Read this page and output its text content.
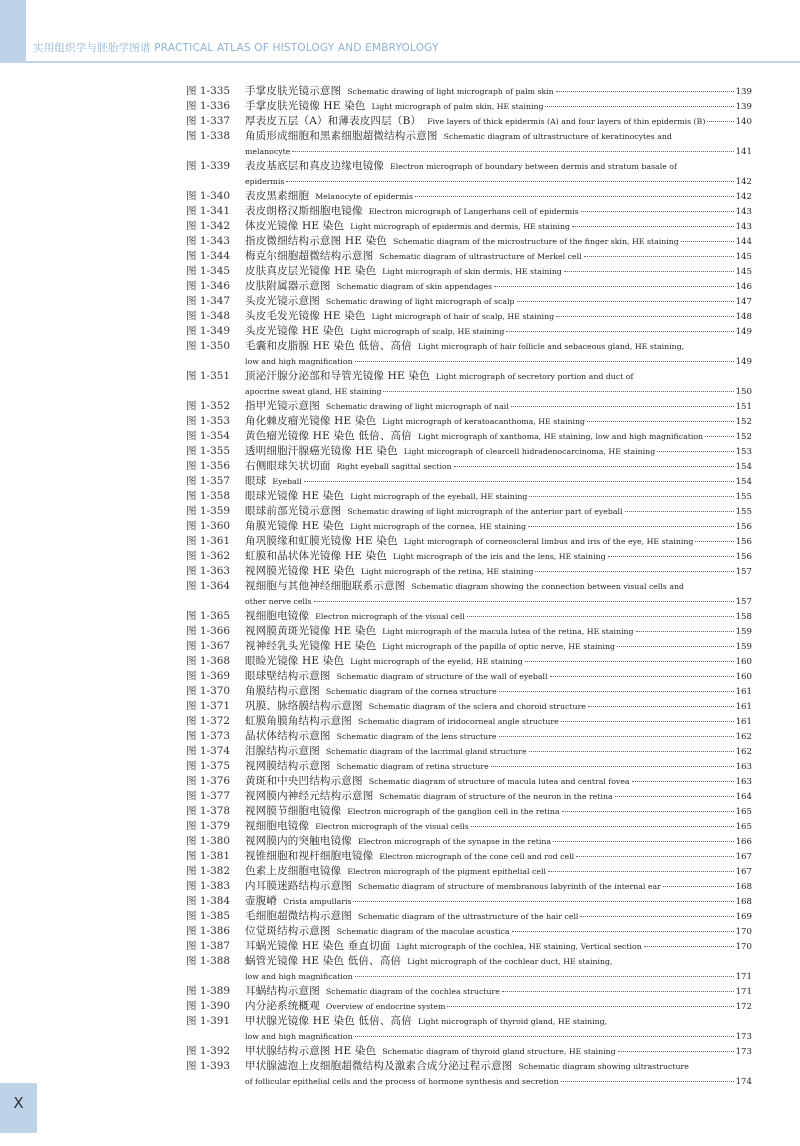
实用组织学与胚胎学图谱 PRACTICAL ATLAS OF HISTOLOGY AND EMBRYOLOGY
图 1-335	手掌皮肤光镜示意图 Schematic drawing of light micrograph of palm skin	139
图 1-336	手掌皮肤光镜像 HE 染色 Light micrograph of palm skin, HE staining	139
图 1-337	厚表皮五层（A）和薄表皮四层（B） Five layers of thick epidermis (A) and four layers of thin epidermis (B)	140
图 1-338	角质形成细胞和黑素细胞超微结构示意图 Schematic diagram of ultrastructure of keratinocytes and
melanocyte	141
图 1-339	表皮基底层和真皮边缘电镜像 Electron micrograph of boundary between dermis and stratum basale of
epidermis	142
图 1-340	表皮黑素细胞 Melanocyte of epidermis	142
图 1-341	表皮朗格汉斯细胞电镜像 Electron micrograph of Langerhans cell of epidermis	143
图 1-342	体皮光镜像 HE 染色 Light micrograph of epidermis and dermis, HE staining	143
图 1-343	指皮微细结构示意图 HE 染色 Schematic diagram of the microstructure of the finger skin, HE staining	144
图 1-344	梅克尔细胞超微结构示意图 Schematic diagram of ultrastructure of Merkel cell	145
图 1-345	皮肤真皮层光镜像 HE 染色 Light micrograph of skin dermis, HE staining	145
图 1-346	皮肤附属器示意图 Schematic diagram of skin appendages	146
图 1-347	头皮光镜示意图 Schematic drawing of light micrograph of scalp	147
图 1-348	头皮毛发光镜像 HE 染色 Light micrograph of hair of scalp, HE staining	148
图 1-349	头皮光镜像 HE 染色 Light micrograph of scalp, HE staining	149
图 1-350	毛囊和皮脂腺 HE 染色 低倍、高倍 Light micrograph of hair follicle and sebaceous gland, HE staining,
low and high magnification	149
图 1-351	顶泌汗腺分泌部和导管光镜像 HE 染色 Light micrograph of secretory portion and duct of
apocrine sweat gland, HE staining	150
图 1-352	指甲光镜示意图 Schematic drawing of light micrograph of nail	151
图 1-353	角化棘皮瘤光镜像 HE 染色 Light micrograph of keratoacanthoma, HE staining	152
图 1-354	黄色瘤光镜像 HE 染色 低倍、高倍 Light micrograph of xanthoma, HE staining, low and high magnification	152
图 1-355	透明细胞汗腺癌光镜像 HE 染色 Light micrograph of clearcell hidradenocarcinoma, HE staining	153
图 1-356	右侧眼球矢状切面 Right eyeball sagittal section	154
图 1-357	眼球 Eyeball	154
图 1-358	眼球光镜像 HE 染色 Light micrograph of the eyeball, HE staining	155
图 1-359	眼球前部光镜示意图 Schematic drawing of light micrograph of the anterior part of eyeball	155
图 1-360	角膜光镜像 HE 染色 Light micrograph of the cornea, HE staining	156
图 1-361	角巩膜缘和虹膜光镜像 HE 染色 Light micrograph of corneoscleral limbus and iris of the eye, HE staining	156
图 1-362	虹膜和晶状体光镜像 HE 染色 Light micrograph of the iris and the lens, HE staining	156
图 1-363	视网膜光镜像 HE 染色 Light micrograph of the retina, HE staining	157
图 1-364	视细胞与其他神经细胞联系示意图 Schematic diagram showing the connection between visual cells and
other nerve cells	157
图 1-365	视细胞电镜像 Electron micrograph of the visual cell	158
图 1-366	视网膜黄斑光镜像 HE 染色 Light micrograph of the macula lutea of the retina, HE staining	159
图 1-367	视神经乳头光镜像 HE 染色 Light micrograph of the papilla of optic nerve, HE staining	159
图 1-368	眼睑光镜像 HE 染色 Light micrograph of the eyelid, HE staining	160
图 1-369	眼球壁结构示意图 Schematic diagram of structure of the wall of eyeball	160
图 1-370	角膜结构示意图 Schematic diagram of the cornea structure	161
图 1-371	巩膜、脉络膜结构示意图 Schematic diagram of the sclera and choroid structure	161
图 1-372	虹膜角膜角结构示意图 Schematic diagram of iridocorneal angle structure	161
图 1-373	晶状体结构示意图 Schematic diagram of the lens structure	162
图 1-374	泪腺结构示意图 Schematic diagram of the lacrimal gland structure	162
图 1-375	视网膜结构示意图 Schematic diagram of retina structure	163
图 1-376	黄斑和中央凹结构示意图 Schematic diagram of structure of macula lutea and central fovea	163
图 1-377	视网膜内神经元结构示意图 Schematic diagram of structure of the neuron in the retina	164
图 1-378	视网膜节细胞电镜像 Electron micrograph of the ganglion cell in the retina	165
图 1-379	视细胞电镜像 Electron micrograph of the visual cells	165
图 1-380	视网膜内的突触电镜像 Electron micrograph of the synapse in the retina	166
图 1-381	视锥细胞和视杆细胞电镜像 Electron micrograph of the cone cell and rod cell	167
图 1-382	色素上皮细胞电镜像 Electron micrograph of the pigment epithelial cell	167
图 1-383	内耳膜迷路结构示意图 Schematic diagram of structure of membranous labyrinth of the internal ear	168
图 1-384	壶腹嵴 Crista ampullaris	168
图 1-385	毛细胞超微结构示意图 Schematic diagram of the ultrastructure of the hair cell	169
图 1-386	位觉斑结构示意图 Schematic diagram of the maculae acustica	170
图 1-387	耳蜗光镜像 HE 染色 垂直切面 Light micrograph of the cochlea, HE staining, Vertical section	170
图 1-388	蜗管光镜像 HE 染色 低倍、高倍 Light micrograph of the cochlear duct, HE staining,
low and high magnification	171
图 1-389	耳蜗结构示意图 Schematic diagram of the cochlea structure	171
图 1-390	内分泌系统概观 Overview of endocrine system	172
图 1-391	甲状腺光镜像 HE 染色 低倍、高倍 Light micrograph of thyroid gland, HE staining,
low and high magnification	173
图 1-392	甲状腺结构示意图 HE 染色 Schematic diagram of thyroid gland structure, HE staining	173
图 1-393	甲状腺滤泡上皮细胞超微结构及激素合成分泌过程示意图 Schematic diagram showing ultrastructure
of follicular epithelial cells and the process of hormone synthesis and secretion	174
X
